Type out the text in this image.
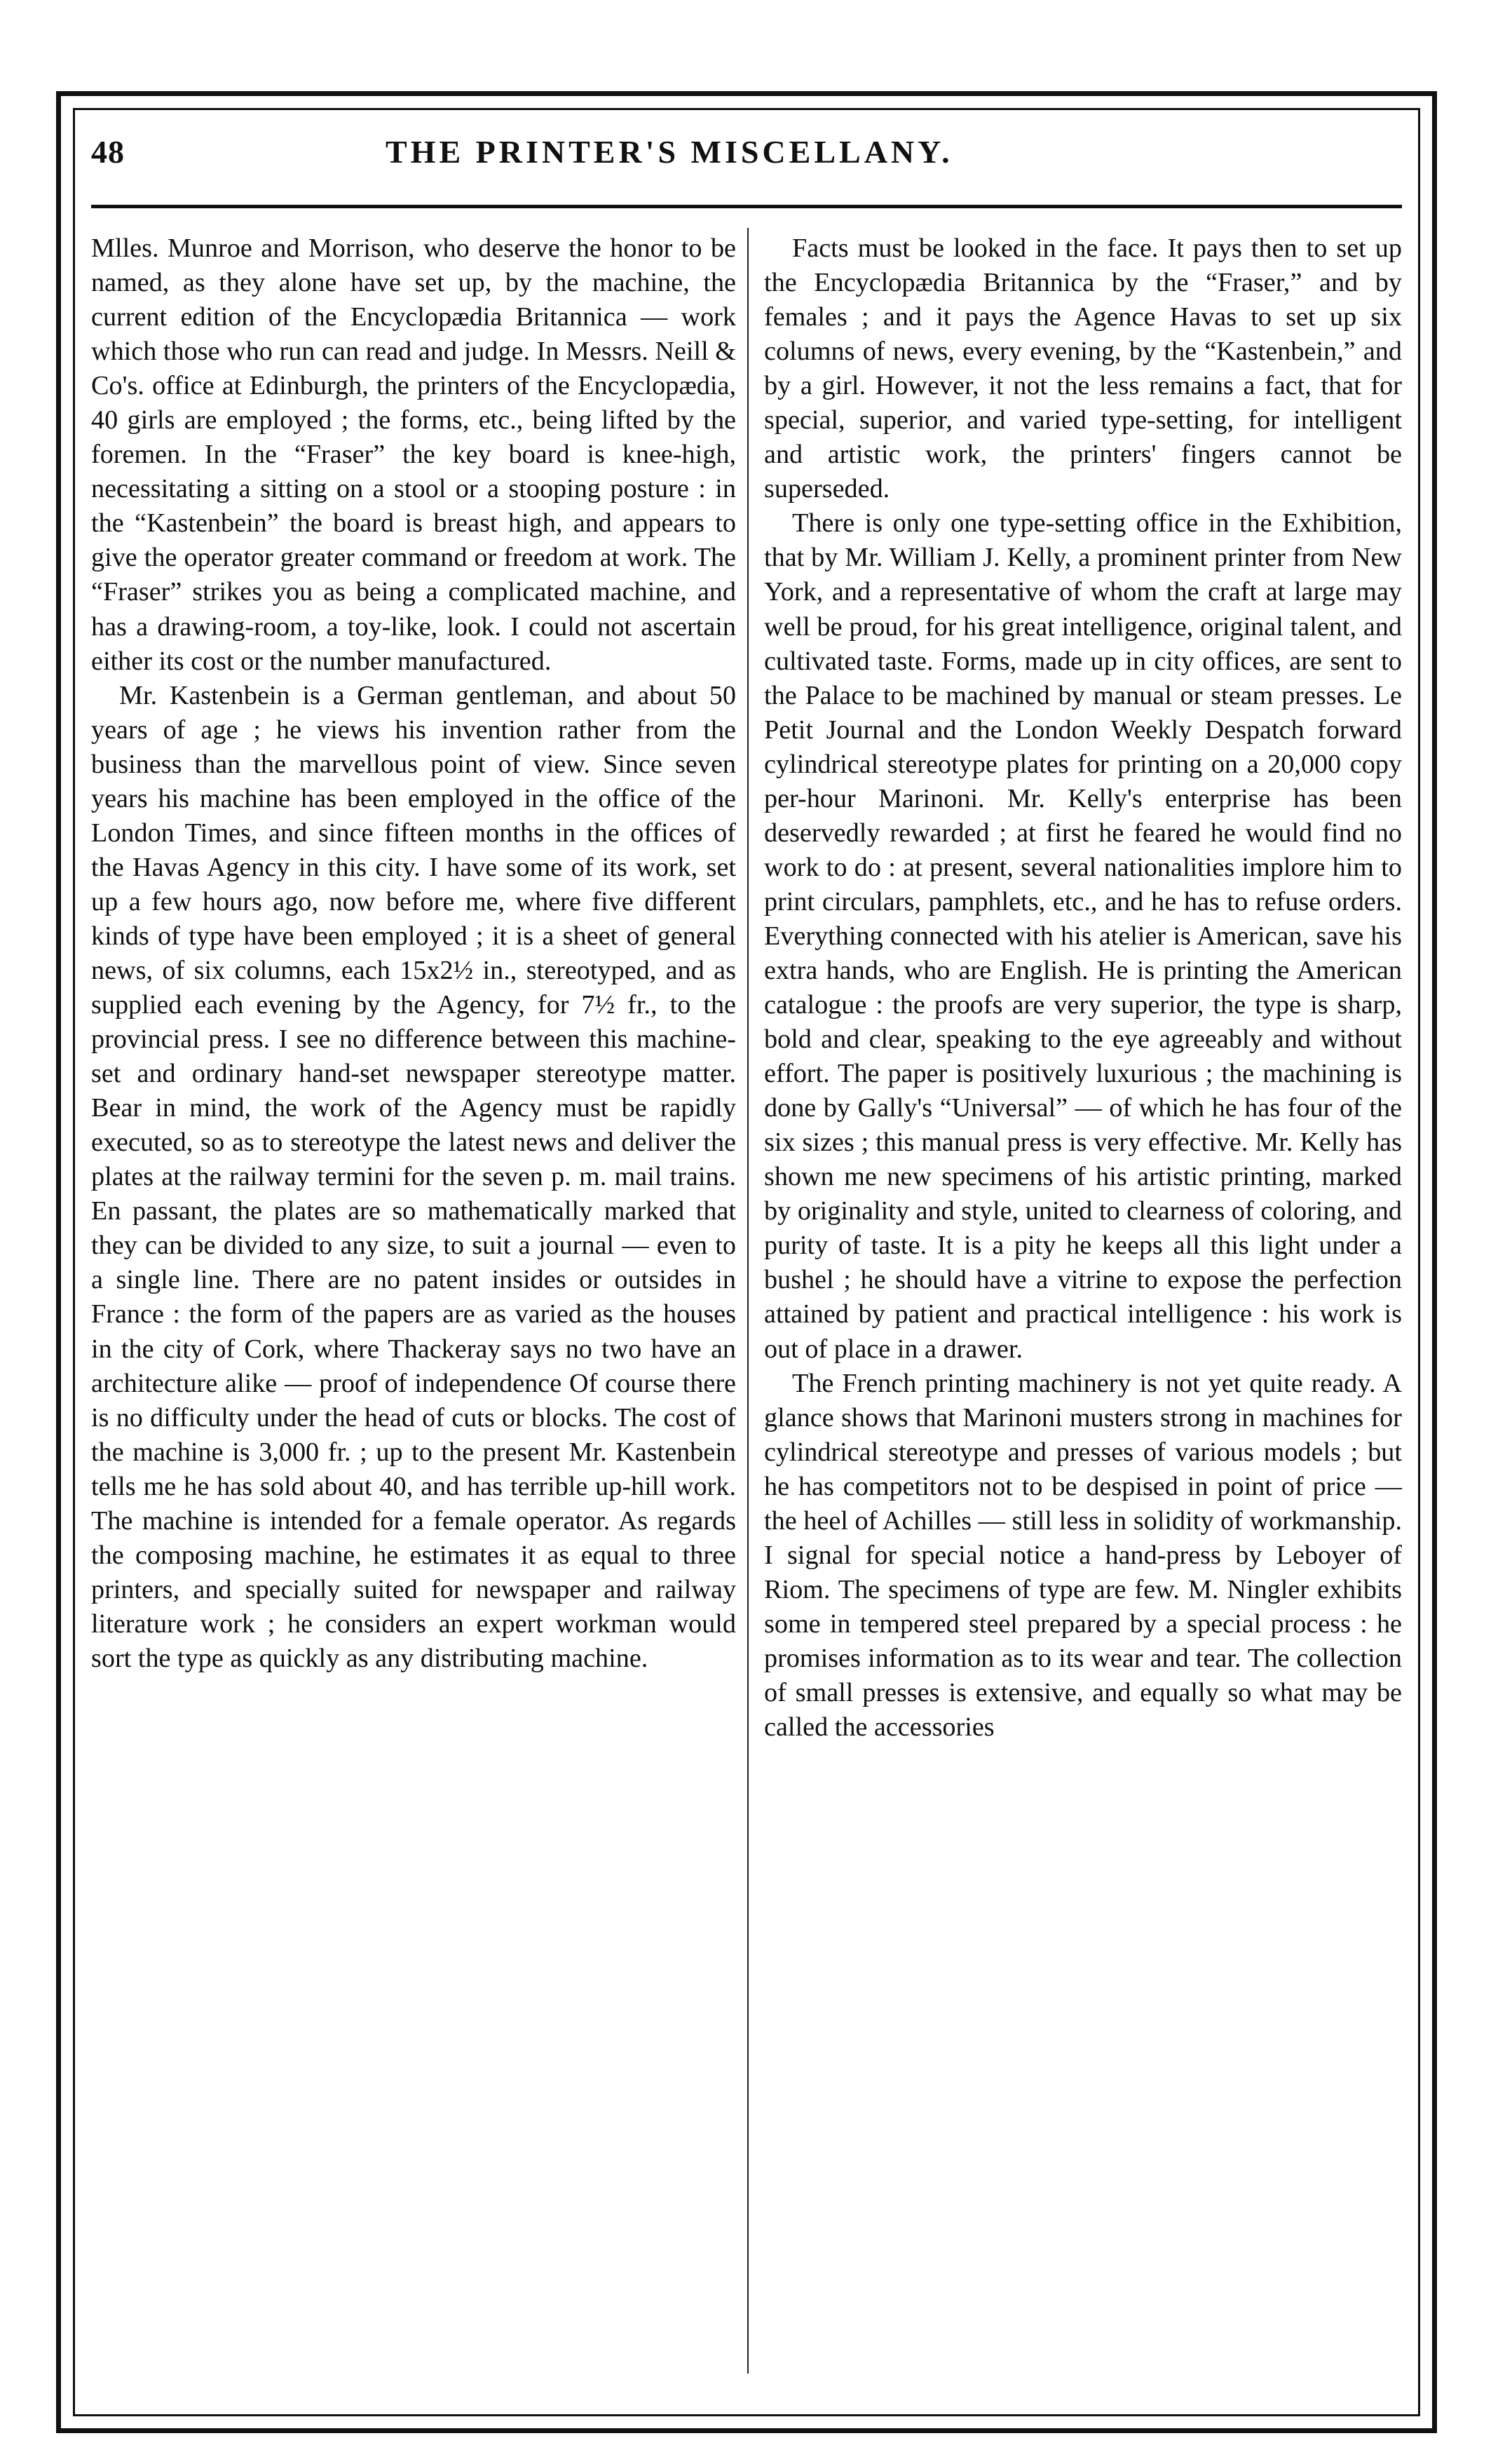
48	THE PRINTER'S MISCELLANY.

Mlles. Munroe and Morrison, who deserve the honor to be named, as they alone have set up, by the machine, the current edition of the Encyclopædia Britannica — work which those who run can read and judge. In Messrs. Neill & Co's. office at Edinburgh, the printers of the Encyclopædia, 40 girls are employed ; the forms, etc., being lifted by the foremen. In the “Fraser” the key board is knee-high, necessitating a sitting on a stool or a stooping posture : in the “Kastenbein” the board is breast high, and appears to give the operator greater command or freedom at work. The “Fraser” strikes you as being a complicated machine, and has a drawing-room, a toy-like, look. I could not ascertain either its cost or the number manufactured.

Mr. Kastenbein is a German gentleman, and about 50 years of age ; he views his invention rather from the business than the marvellous point of view. Since seven years his machine has been employed in the office of the London Times, and since fifteen months in the offices of the Havas Agency in this city. I have some of its work, set up a few hours ago, now before me, where five different kinds of type have been employed ; it is a sheet of general news, of six columns, each 15x2½ in., stereotyped, and as supplied each evening by the Agency, for 7½ fr., to the provincial press. I see no difference between this machine-set and ordinary hand-set newspaper stereotype matter. Bear in mind, the work of the Agency must be rapidly executed, so as to stereotype the latest news and deliver the plates at the railway termini for the seven p. m. mail trains. En passant, the plates are so mathematically marked that they can be divided to any size, to suit a journal — even to a single line. There are no patent insides or outsides in France : the form of the papers are as varied as the houses in the city of Cork, where Thackeray says no two have an architecture alike — proof of independence Of course there is no difficulty under the head of cuts or blocks. The cost of the machine is 3,000 fr. ; up to the present Mr. Kastenbein tells me he has sold about 40, and has terrible up-hill work. The machine is intended for a female operator. As regards the composing machine, he estimates it as equal to three printers, and specially suited for newspaper and railway literature work ; he considers an expert workman would sort the type as quickly as any distributing machine.

Facts must be looked in the face. It pays then to set up the Encyclopædia Britannica by the “Fraser,” and by females ; and it pays the Agence Havas to set up six columns of news, every evening, by the “Kastenbein,” and by a girl. However, it not the less remains a fact, that for special, superior, and varied type-setting, for intelligent and artistic work, the printers' fingers cannot be superseded.

There is only one type-setting office in the Exhibition, that by Mr. William J. Kelly, a prominent printer from New York, and a representative of whom the craft at large may well be proud, for his great intelligence, original talent, and cultivated taste. Forms, made up in city offices, are sent to the Palace to be machined by manual or steam presses. Le Petit Journal and the London Weekly Despatch forward cylindrical stereotype plates for printing on a 20,000 copy per-hour Marinoni. Mr. Kelly's enterprise has been deservedly rewarded ; at first he feared he would find no work to do : at present, several nationalities implore him to print circulars, pamphlets, etc., and he has to refuse orders. Everything connected with his atelier is American, save his extra hands, who are English. He is printing the American catalogue : the proofs are very superior, the type is sharp, bold and clear, speaking to the eye agreeably and without effort. The paper is positively luxurious ; the machining is done by Gally's “Universal” — of which he has four of the six sizes ; this manual press is very effective. Mr. Kelly has shown me new specimens of his artistic printing, marked by originality and style, united to clearness of coloring, and purity of taste. It is a pity he keeps all this light under a bushel ; he should have a vitrine to expose the perfection attained by patient and practical intelligence : his work is out of place in a drawer.

The French printing machinery is not yet quite ready. A glance shows that Marinoni musters strong in machines for cylindrical stereotype and presses of various models ; but he has competitors not to be despised in point of price — the heel of Achilles — still less in solidity of workmanship. I signal for special notice a hand-press by Leboyer of Riom. The specimens of type are few. M. Ningler exhibits some in tempered steel prepared by a special process : he promises information as to its wear and tear. The collection of small presses is extensive, and equally so what may be called the accessories
